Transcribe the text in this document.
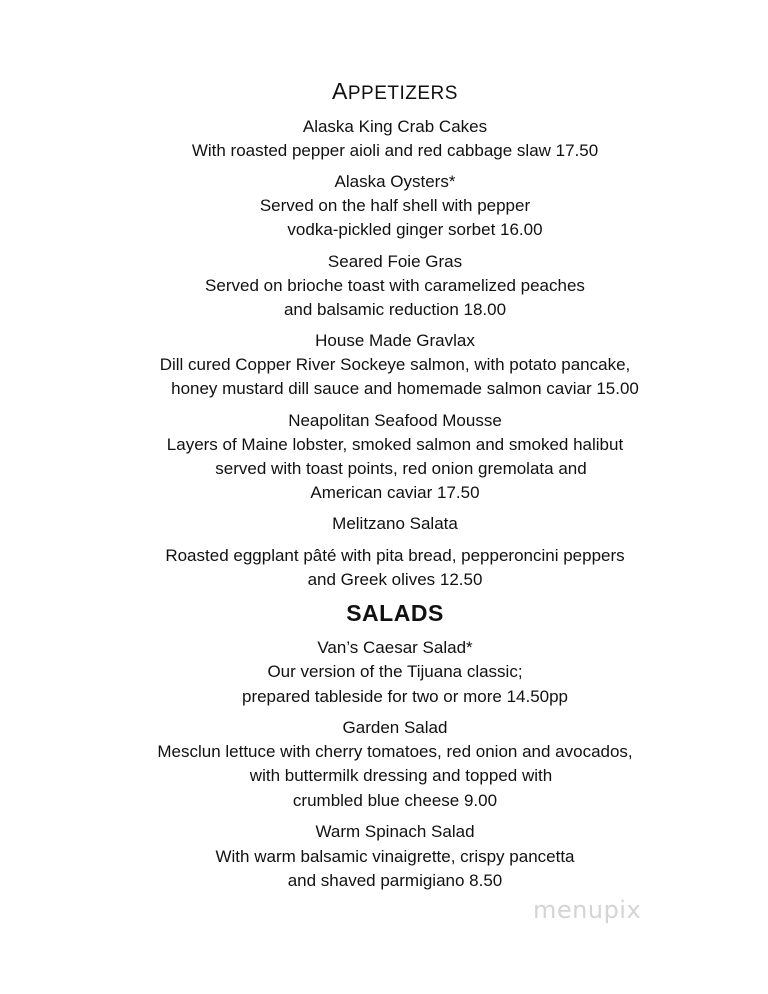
APPETIZERS

Alaska King Crab Cakes

With roasted pepper aioli and red cabbage slaw 17.50

Alaska Oysters*

Served on the half shell with pepper

vodka-pickled ginger sorbet 16.00

Seared Foie Gras

Served on brioche toast with caramelized peaches

and balsamic reduction 18.00

House Made Gravlax

Dill cured Copper River Sockeye salmon, with potato pancake,

honey mustard dill sauce and homemade salmon caviar 15.00

Neapolitan Seafood Mousse

Layers of Maine lobster, smoked salmon and smoked halibut

served with toast points, red onion gremolata and

American caviar 17.50

Melitzano Salata

Roasted eggplant pâté with pita bread, pepperoncini peppers

and Greek olives 12.50

SALADS

Van’s Caesar Salad*

Our version of the Tijuana classic;

prepared tableside for two or more 14.50pp

Garden Salad

Mesclun lettuce with cherry tomatoes, red onion and avocados,

with buttermilk dressing and topped with

crumbled blue cheese 9.00

Warm Spinach Salad

With warm balsamic vinaigrette, crispy pancetta

and shaved parmigiano 8.50

menupix
